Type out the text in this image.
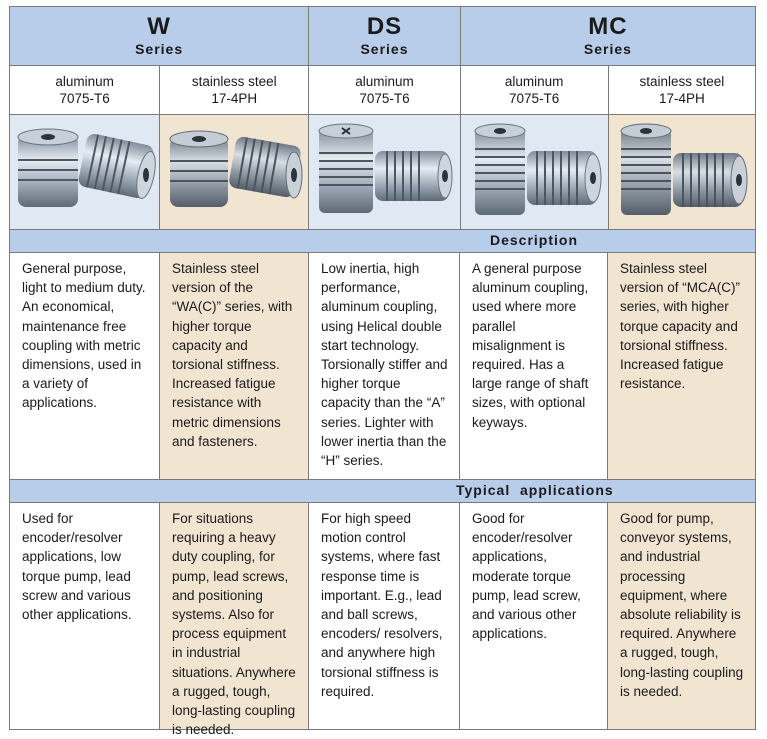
W
Series
DS
Series
MC
Series
aluminum
7075-T6
stainless steel
17-4PH
aluminum
7075-T6
aluminum
7075-T6
stainless steel
17-4PH
Description
General purpose, light to medium duty. An economical, maintenance free coupling with metric dimensions, used in a variety of applications.
Stainless steel version of the “WA(C)” series, with higher torque capacity and torsional stiffness. Increased fatigue resistance with metric dimensions and fasteners.
Low inertia, high performance, aluminum coupling, using Helical double start technology. Torsionally stiffer and higher torque capacity than the “A” series. Lighter with lower inertia than the “H” series.
A general purpose aluminum coupling, used where more parallel misalignment is required. Has a large range of shaft sizes, with optional keyways.
Stainless steel version of “MCA(C)” series, with higher torque capacity and torsional stiffness. Increased fatigue resistance.
Typical  applications
Used for encoder/resolver applications, low torque pump, lead screw and various other applications.
For situations requiring a heavy duty coupling, for pump, lead screws, and positioning systems. Also for process equipment in industrial situations. Anywhere a rugged, tough, long-lasting coupling is needed.
For high speed motion control systems, where fast response time is important. E.g., lead and ball screws, encoders/ resolvers, and anywhere high torsional stiffness is required.
Good for encoder/resolver applications, moderate torque pump, lead screw, and various other applications.
Good for pump, conveyor systems, and industrial processing equipment, where absolute reliability is required. Anywhere a rugged, tough, long-lasting coupling is needed.
